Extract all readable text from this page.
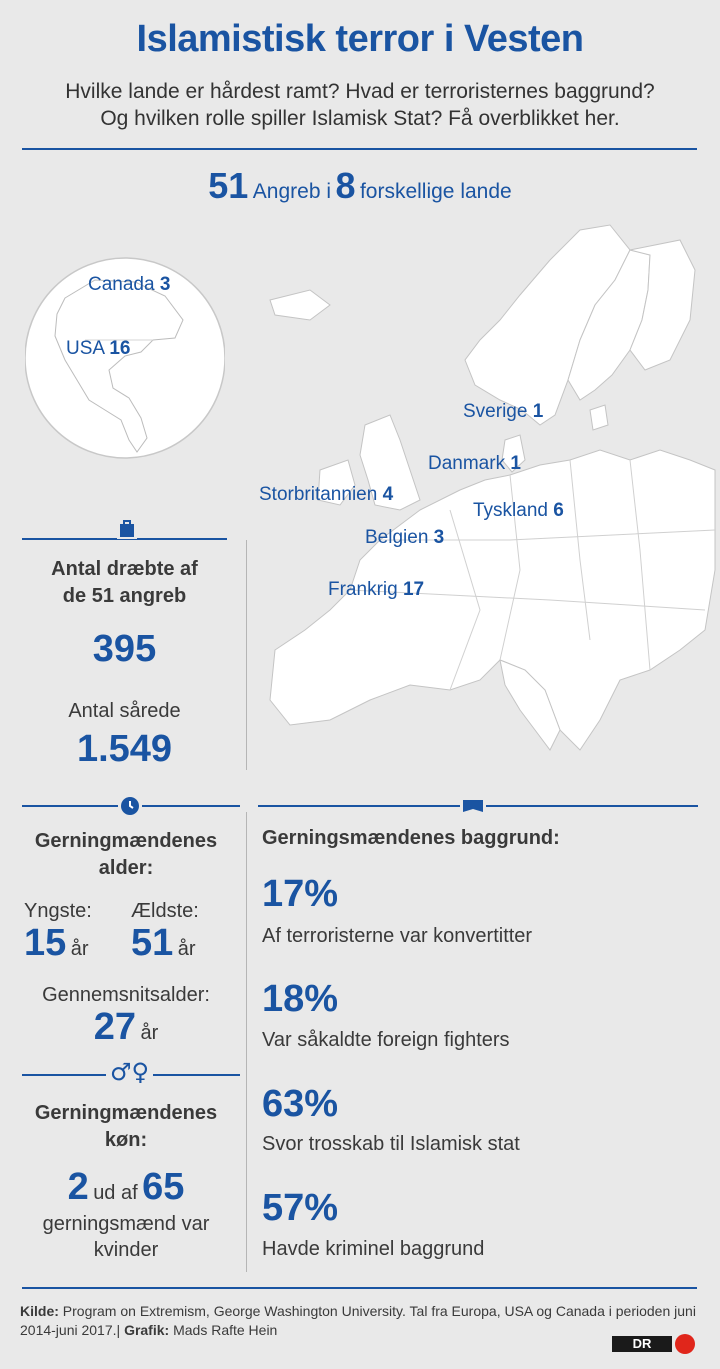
Islamistisk terror i Vesten
Hvilke lande er hårdest ramt? Hvad er terroristernes baggrund?
Og hvilken rolle spiller Islamisk Stat? Få overblikket her.
51 Angreb i 8 forskellige lande
Canada 3
USA 16
Sverige 1
Danmark 1
Storbritannien 4
Tyskland 6
Belgien 3
Frankrig 17
Antal dræbte af
de 51 angreb
395
Antal sårede
1.549
Gerningmændenes
alder:
Yngste:
15 år
Ældste:
51 år
Gennemsnitsalder:
27 år
♂♀
Gerningmændenes
køn:
2 ud af 65
gerningsmænd var
kvinder
Gerningsmændenes baggrund:
17%
Af terroristerne var konvertitter
18%
Var såkaldte foreign fighters
63%
Svor trosskab til Islamisk stat
57%
Havde kriminel baggrund
Kilde: Program on Extremism, George Washington University. Tal fra Europa, USA og Canada i perioden juni 2014-juni 2017.| Grafik: Mads Rafte Hein
DR
